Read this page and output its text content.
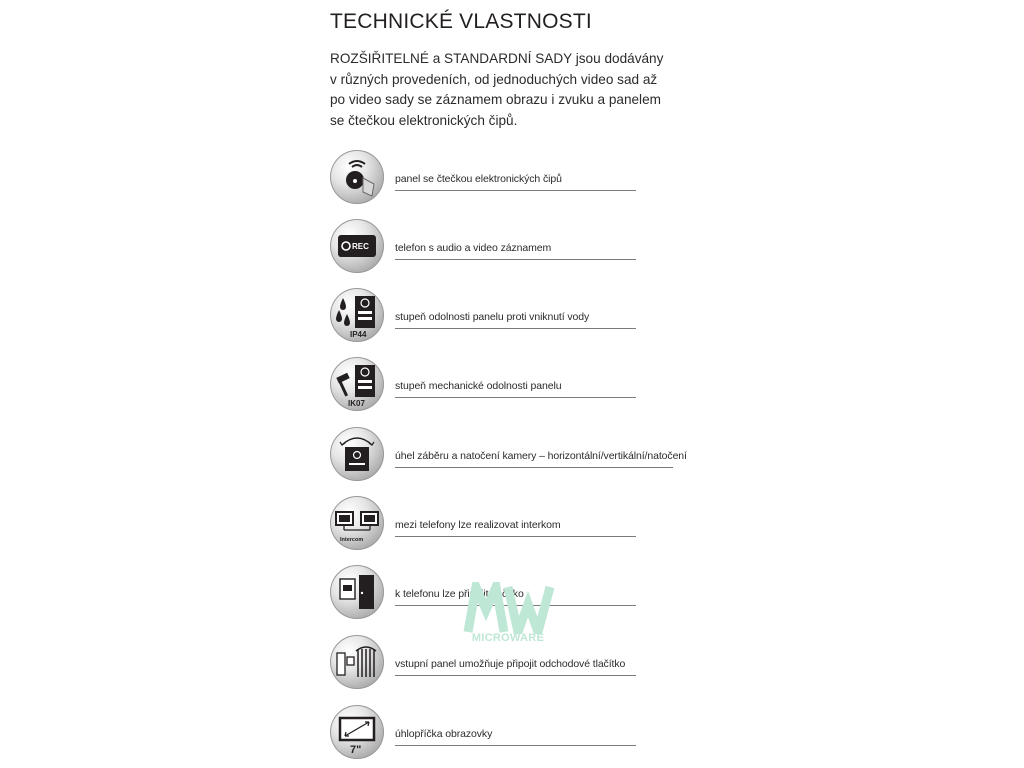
TECHNICKÉ VLASTNOSTI
ROZŠIŘITELNÉ a STANDARDNÍ SADY jsou dodávány
v různých provedeních, od jednoduchých video sad až
po video sady se záznamem obrazu i zvuku a panelem
se čtečkou elektronických čipů.
panel se čtečkou elektronických čipů
REC telefon s audio a video záznamem
IP44
stupeň odolnosti panelu proti vniknutí vody
IK07
stupeň mechanické odolnosti panelu
úhel záběru a natočení kamery – horizontální/vertikální/natočení
Intercom
mezi telefony lze realizovat interkom
k telefonu lze připojit tlačítko
vstupní panel umožňuje připojit odchodové tlačítko
7"
úhlopříčka obrazovky
MICROWARE
